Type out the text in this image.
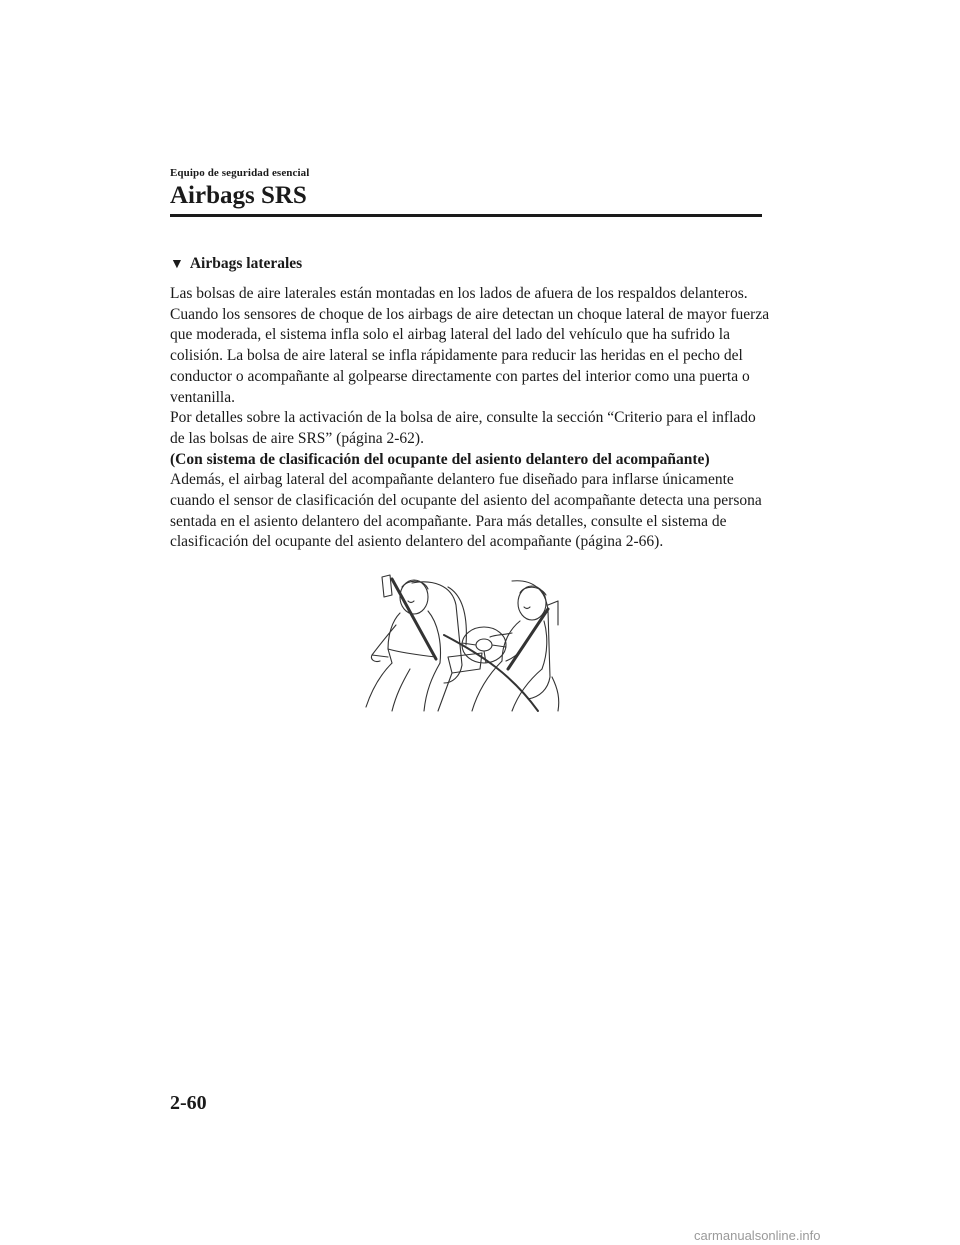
Equipo de seguridad esencial
Airbags SRS
▼ Airbags laterales

Las bolsas de aire laterales están montadas en los lados de afuera de los respaldos delanteros.

Cuando los sensores de choque de los airbags de aire detectan un choque lateral de mayor fuerza que moderada, el sistema infla solo el airbag lateral del lado del vehículo que ha sufrido la colisión. La bolsa de aire lateral se infla rápidamente para reducir las heridas en el pecho del conductor o acompañante al golpearse directamente con partes del interior como una puerta o ventanilla.

Por detalles sobre la activación de la bolsa de aire, consulte la sección “Criterio para el inflado de las bolsas de aire SRS” (página 2-62).

(Con sistema de clasificación del ocupante del asiento delantero del acompañante)

Además, el airbag lateral del acompañante delantero fue diseñado para inflarse únicamente cuando el sensor de clasificación del ocupante del asiento del acompañante detecta una persona sentada en el asiento delantero del acompañante. Para más detalles, consulte el sistema de clasificación del ocupante del asiento delantero del acompañante (página 2-66).

2-60
carmanualsonline.info
